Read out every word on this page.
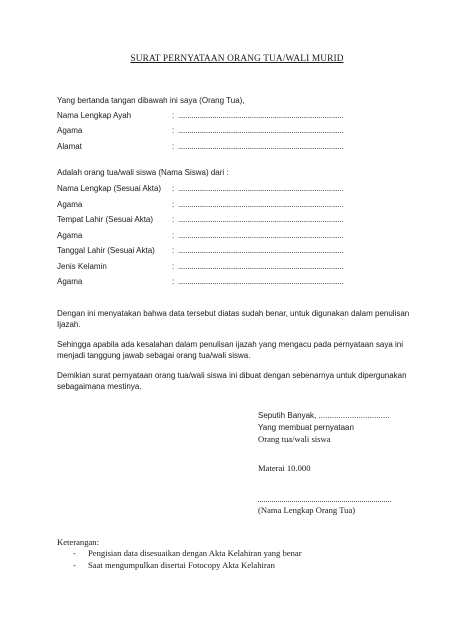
SURAT PERNYATAAN ORANG TUA/WALI MURID
Yang bertanda tangan dibawah ini saya (Orang Tua),
Nama Lengkap Ayah	: ......................................................................................
Agama	: ......................................................................................
Alamat	: ......................................................................................
Adalah orang tua/wali siswa (Nama Siswa) dari :
Nama Lengkap (Sesuai Akta) : ......................................................................................
Agama	: ......................................................................................
Tempat Lahir (Sesuai Akta) : ......................................................................................
Agama	: ......................................................................................
Tanggal Lahir (Sesuai Akta) : ......................................................................................
Jenis Kelamin	: ......................................................................................
Agama	: ......................................................................................
Dengan ini menyatakan bahwa data tersebut diatas sudah benar, untuk digunakan dalam penulisan Ijazah.
Sehingga apabila ada kesalahan dalam penulisan ijazah yang mengacu pada pernyataan saya ini menjadi tanggung jawab sebagai orang tua/wali siswa.
Demikian surat pernyataan orang tua/wali siswa ini dibuat dengan sebenarnya untuk dipergunakan sebagaimana mestinya.
Seputih Banyak, ................................
Yang membuat pernyataan
Orang tua/wali siswa
Materai 10.000
(Nama Lengkap Orang Tua)
Keterangan:
- Pengisian data disesuaikan dengan Akta Kelahiran yang benar
- Saat mengumpulkan disertai Fotocopy Akta Kelahiran
